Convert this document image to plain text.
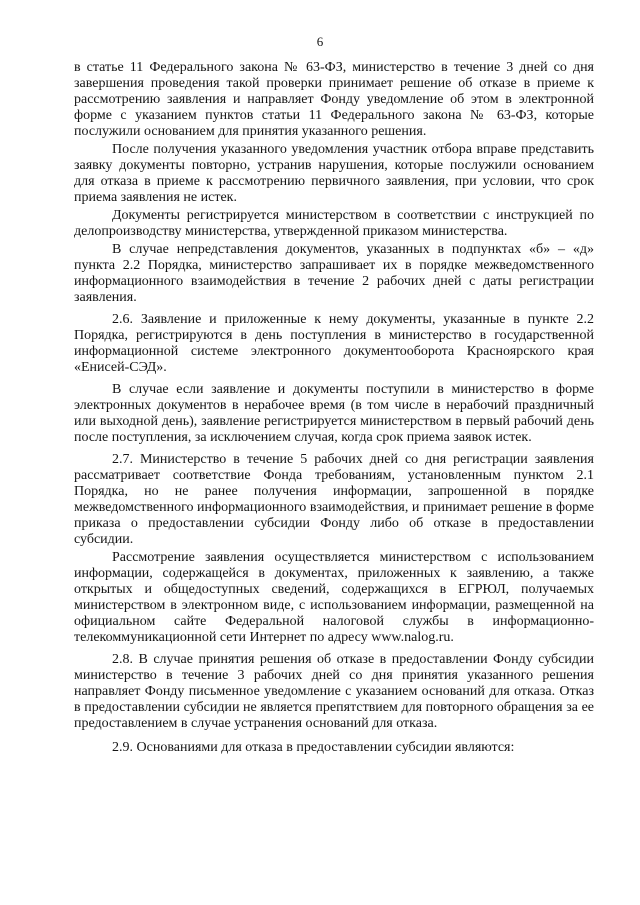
6

в статье 11 Федерального закона № 63-ФЗ, министерство в течение 3 дней со дня завершения проведения такой проверки принимает решение об отказе в приеме к рассмотрению заявления и направляет Фонду уведомление об этом в электронной форме с указанием пунктов статьи 11 Федерального закона № 63-ФЗ, которые послужили основанием для принятия указанного решения.

После получения указанного уведомления участник отбора вправе представить заявку документы повторно, устранив нарушения, которые послужили основанием для отказа в приеме к рассмотрению первичного заявления, при условии, что срок приема заявления не истек.

Документы регистрируется министерством в соответствии с инструкцией по делопроизводству министерства, утвержденной приказом министерства.

В случае непредставления документов, указанных в подпунктах «б» – «д» пункта 2.2 Порядка, министерство запрашивает их в порядке межведомственного информационного взаимодействия в течение 2 рабочих дней с даты регистрации заявления.

2.6. Заявление и приложенные к нему документы, указанные в пункте 2.2 Порядка, регистрируются в день поступления в министерство в государственной информационной системе электронного документооборота Красноярского края «Енисей-СЭД».

В случае если заявление и документы поступили в министерство в форме электронных документов в нерабочее время (в том числе в нерабочий праздничный или выходной день), заявление регистрируется министерством в первый рабочий день после поступления, за исключением случая, когда срок приема заявок истек.

2.7. Министерство в течение 5 рабочих дней со дня регистрации заявления рассматривает соответствие Фонда требованиям, установленным пунктом 2.1 Порядка, но не ранее получения информации, запрошенной в порядке межведомственного информационного взаимодействия, и принимает решение в форме приказа о предоставлении субсидии Фонду либо об отказе в предоставлении субсидии.

Рассмотрение заявления осуществляется министерством с использованием информации, содержащейся в документах, приложенных к заявлению, а также открытых и общедоступных сведений, содержащихся в ЕГРЮЛ, получаемых министерством в электронном виде, с использованием информации, размещенной на официальном сайте Федеральной налоговой службы в информационно-телекоммуникационной сети Интернет по адресу www.nalog.ru.

2.8. В случае принятия решения об отказе в предоставлении Фонду субсидии министерство в течение 3 рабочих дней со дня принятия указанного решения направляет Фонду письменное уведомление с указанием оснований для отказа. Отказ в предоставлении субсидии не является препятствием для повторного обращения за ее предоставлением в случае устранения оснований для отказа.

2.9. Основаниями для отказа в предоставлении субсидии являются:
